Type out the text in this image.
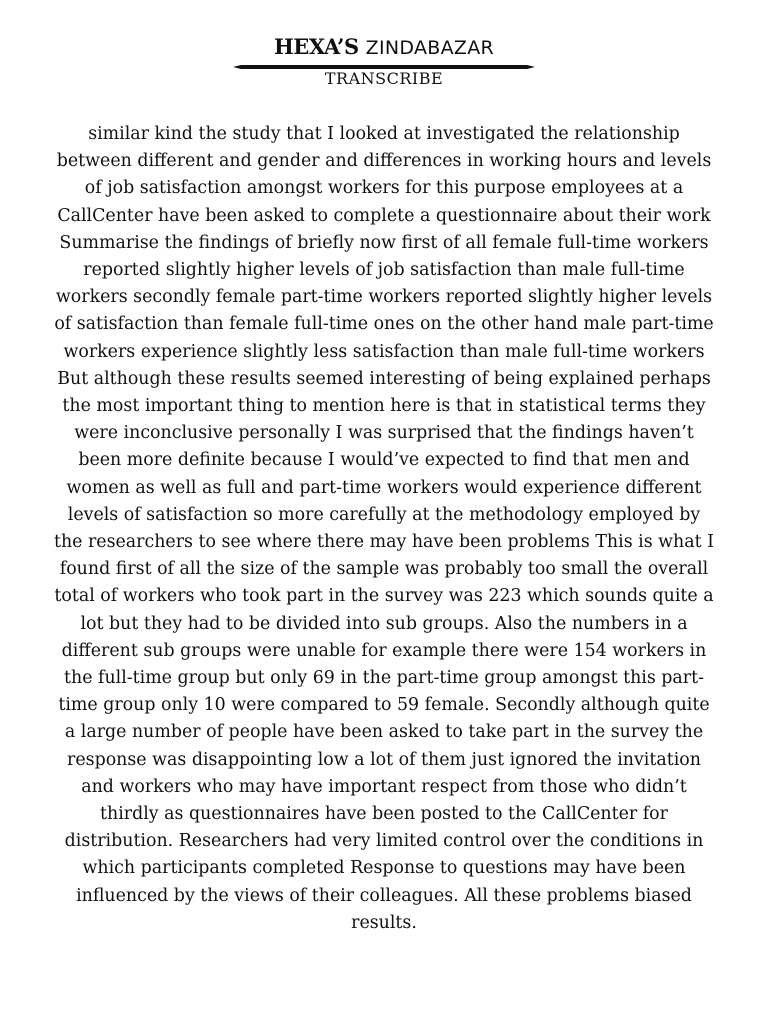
HEXA’S ZINDABAZAR
TRANSCRIBE

similar kind the study that I looked at investigated the relationship between different and gender and differences in working hours and levels of job satisfaction amongst workers for this purpose employees at a CallCenter have been asked to complete a questionnaire about their work Summarise the findings of briefly now first of all female full-time workers reported slightly higher levels of job satisfaction than male full-time workers secondly female part-time workers reported slightly higher levels of satisfaction than female full-time ones on the other hand male part-time workers experience slightly less satisfaction than male full-time workers But although these results seemed interesting of being explained perhaps the most important thing to mention here is that in statistical terms they were inconclusive personally I was surprised that the findings haven’t been more definite because I would’ve expected to find that men and women as well as full and part-time workers would experience different levels of satisfaction so more carefully at the methodology employed by the researchers to see where there may have been problems This is what I found first of all the size of the sample was probably too small the overall total of workers who took part in the survey was 223 which sounds quite a lot but they had to be divided into sub groups. Also the numbers in a different sub groups were unable for example there were 154 workers in the full-time group but only 69 in the part-time group amongst this part-time group only 10 were compared to 59 female. Secondly although quite a large number of people have been asked to take part in the survey the response was disappointing low a lot of them just ignored the invitation and workers who may have important respect from those who didn’t thirdly as questionnaires have been posted to the CallCenter for distribution. Researchers had very limited control over the conditions in which participants completed Response to questions may have been influenced by the views of their colleagues. All these problems biased results.
